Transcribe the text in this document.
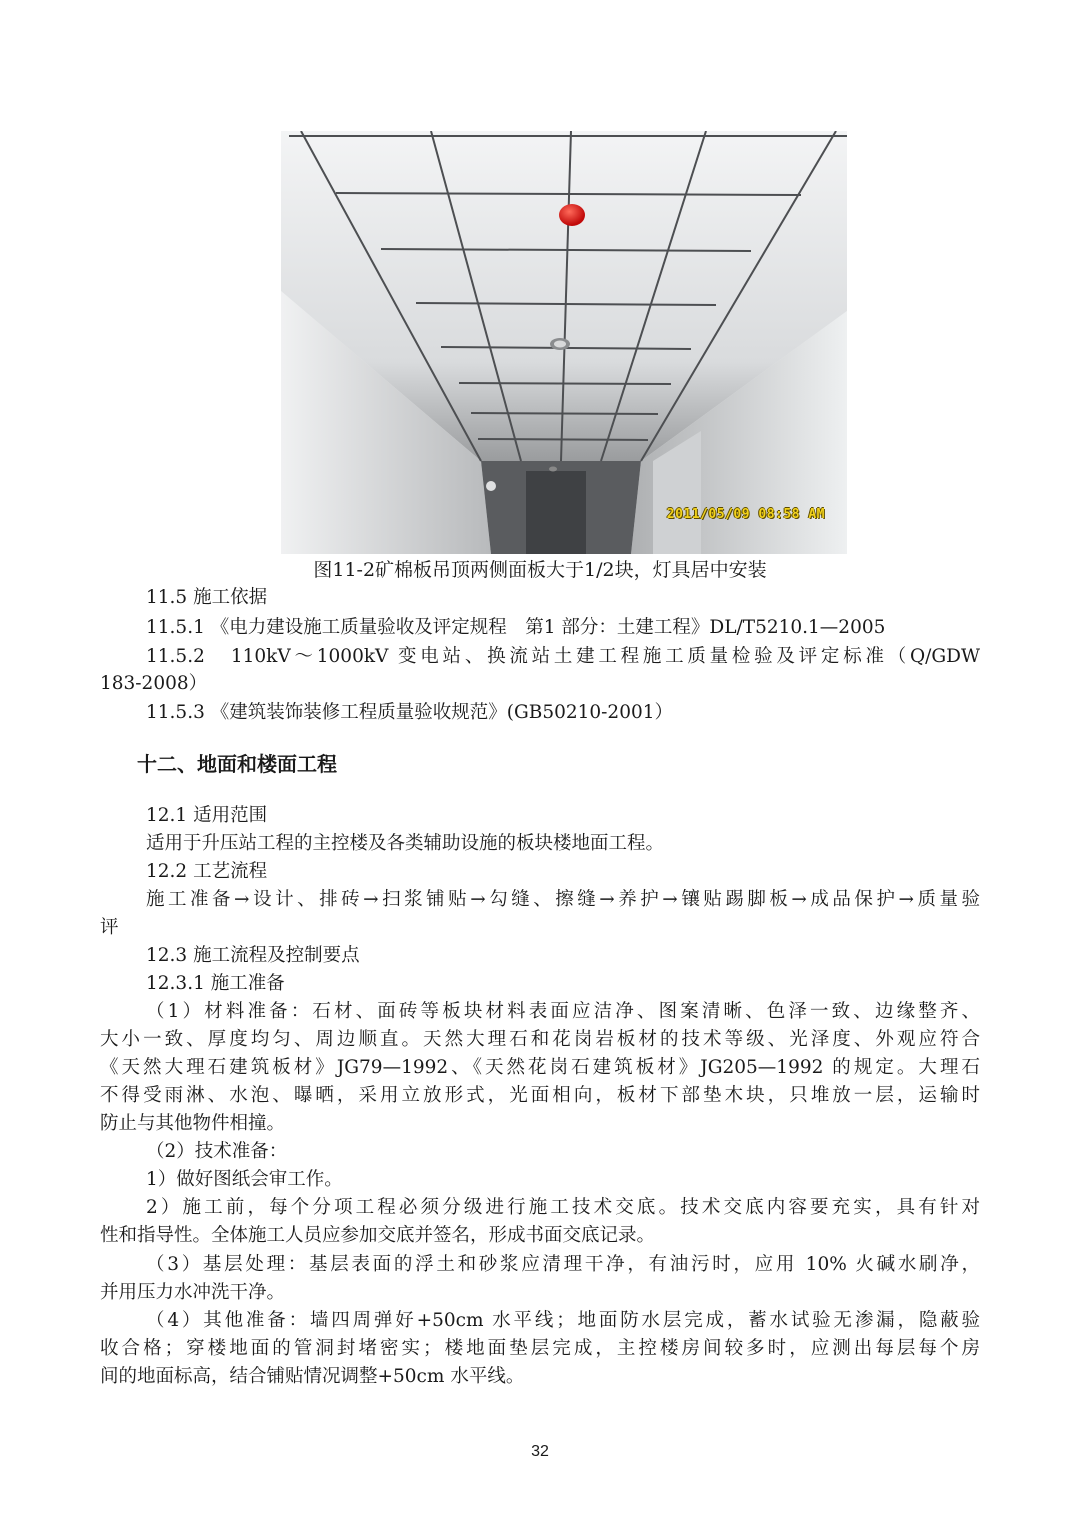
2011/05/09 08:58 AM
图11-2矿棉板吊顶两侧面板大于1/2块，灯具居中安装
11.5 施工依据
11.5.1 《电力建设施工质量验收及评定规程　第1 部分：土建工程》DL/T5210.1—2005
11.5.2　110kV～1000kV 变电站、换流站土建工程施工质量检验及评定标准（Q/GDW
183-2008）
11.5.3 《建筑装饰装修工程质量验收规范》(GB50210-2001）
十二、地面和楼面工程
12.1 适用范围
适用于升压站工程的主控楼及各类辅助设施的板块楼地面工程。
12.2 工艺流程
施工准备→设计、排砖→扫浆铺贴→勾缝、擦缝→养护→镶贴踢脚板→成品保护→质量验
评
12.3 施工流程及控制要点
12.3.1 施工准备
（1）材料准备：石材、面砖等板块材料表面应洁净、图案清晰、色泽一致、边缘整齐、
大小一致、厚度均匀、周边顺直。天然大理石和花岗岩板材的技术等级、光泽度、外观应符合
《天然大理石建筑板材》JG79—1992、《天然花岗石建筑板材》JG205—1992 的规定。大理石
不得受雨淋、水泡、曝晒，采用立放形式，光面相向，板材下部垫木块，只堆放一层，运输时
防止与其他物件相撞。
（2）技术准备：
1）做好图纸会审工作。
2）施工前，每个分项工程必须分级进行施工技术交底。技术交底内容要充实，具有针对
性和指导性。全体施工人员应参加交底并签名，形成书面交底记录。
（3）基层处理：基层表面的浮土和砂浆应清理干净，有油污时，应用 10% 火碱水刷净，
并用压力水冲洗干净。
（4）其他准备：墙四周弹好+50cm 水平线；地面防水层完成，蓄水试验无渗漏，隐蔽验
收合格；穿楼地面的管洞封堵密实；楼地面垫层完成，主控楼房间较多时，应测出每层每个房
间的地面标高，结合铺贴情况调整+50cm 水平线。
32
